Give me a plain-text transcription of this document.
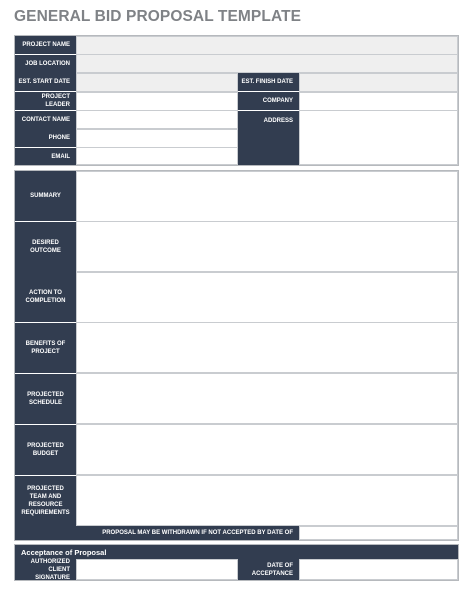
GENERAL BID PROPOSAL TEMPLATE
PROJECT NAME
JOB LOCATION
EST. START DATE	EST. FINISH DATE
PROJECT LEADER
COMPANY
CONTACT NAME
PHONE
EMAIL
ADDRESS
SUMMARY
DESIRED OUTCOME
ACTION TO COMPLETION
BENEFITS OF PROJECT
PROJECTED SCHEDULE
PROJECTED BUDGET
PROJECTED TEAM AND RESOURCE REQUIREMENTS
PROPOSAL MAY BE WITHDRAWN IF NOT ACCEPTED BY DATE OF
Acceptance of Proposal
AUTHORIZED CLIENT SIGNATURE
DATE OF ACCEPTANCE
